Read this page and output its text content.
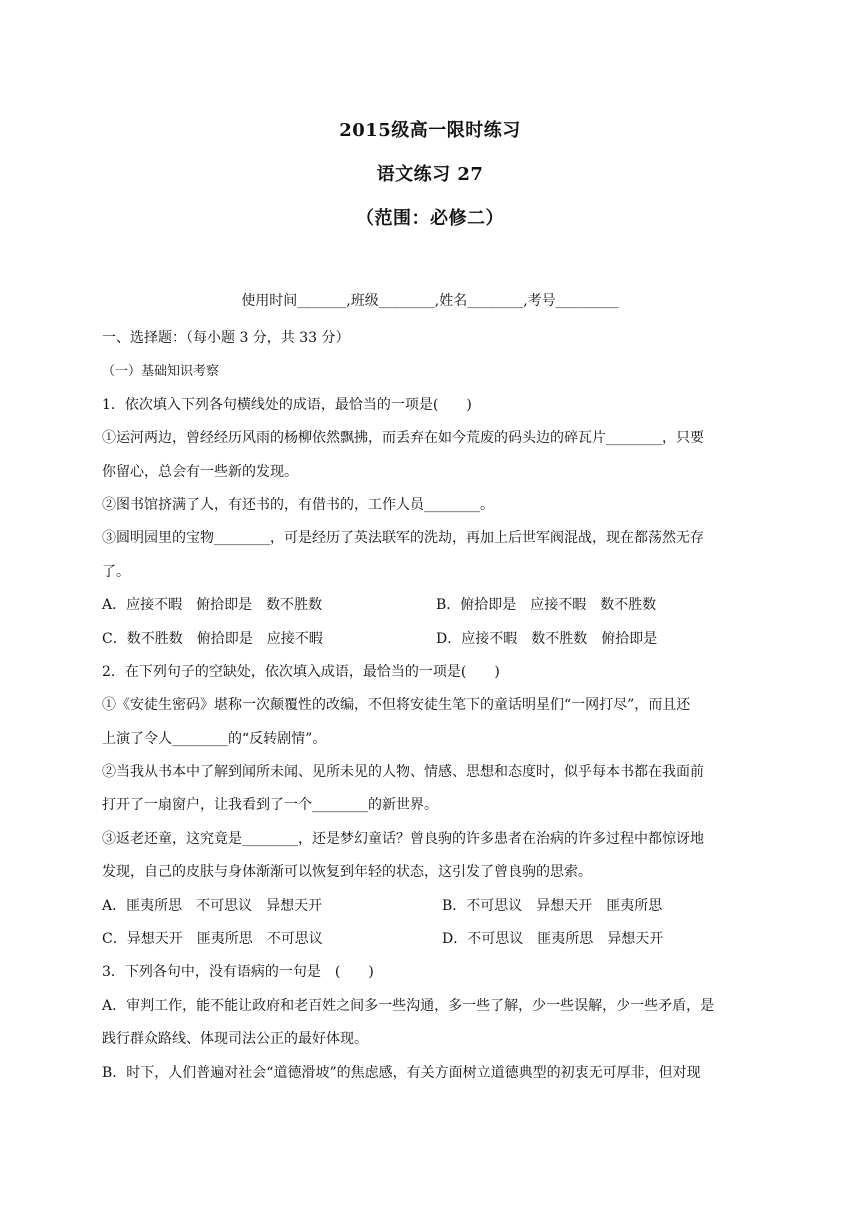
2015级高一限时练习
语文练习 27
（范围：必修二）
使用时间_______,班级________,姓名________,考号_________
一、选择题：（每小题 3 分，共 33 分）
（一）基础知识考察
1．依次填入下列各句横线处的成语，最恰当的一项是(　　)
①运河两边，曾经经历风雨的杨柳依然飘拂，而丢弃在如今荒废的码头边的碎瓦片________，只要
你留心，总会有一些新的发现。
②图书馆挤满了人，有还书的，有借书的，工作人员________。
③圆明园里的宝物________，可是经历了英法联军的洗劫，再加上后世军阀混战，现在都荡然无存
了。
A．应接不暇　俯拾即是　数不胜数	B．俯拾即是　应接不暇　数不胜数
C．数不胜数　俯拾即是　应接不暇	D．应接不暇　数不胜数　俯拾即是
2．在下列句子的空缺处，依次填入成语，最恰当的一项是(　　)
①《安徒生密码》堪称一次颠覆性的改编，不但将安徒生笔下的童话明星们“一网打尽”，而且还
上演了令人________的“反转剧情”。
②当我从书本中了解到闻所未闻、见所未见的人物、情感、思想和态度时，似乎每本书都在我面前
打开了一扇窗户，让我看到了一个________的新世界。
③返老还童，这究竟是________，还是梦幻童话？曾良驹的许多患者在治病的许多过程中都惊讶地
发现，自己的皮肤与身体渐渐可以恢复到年轻的状态，这引发了曾良驹的思索。
A．匪夷所思　不可思议　异想天开	B．不可思议　异想天开　匪夷所思
C．异想天开　匪夷所思　不可思议	D．不可思议　匪夷所思　异想天开
3．下列各句中，没有语病的一句是　(　　)
A．审判工作，能不能让政府和老百姓之间多一些沟通，多一些了解，少一些误解，少一些矛盾，是
践行群众路线、体现司法公正的最好体现。
B．时下，人们普遍对社会“道德滑坡”的焦虑感，有关方面树立道德典型的初衷无可厚非，但对现
